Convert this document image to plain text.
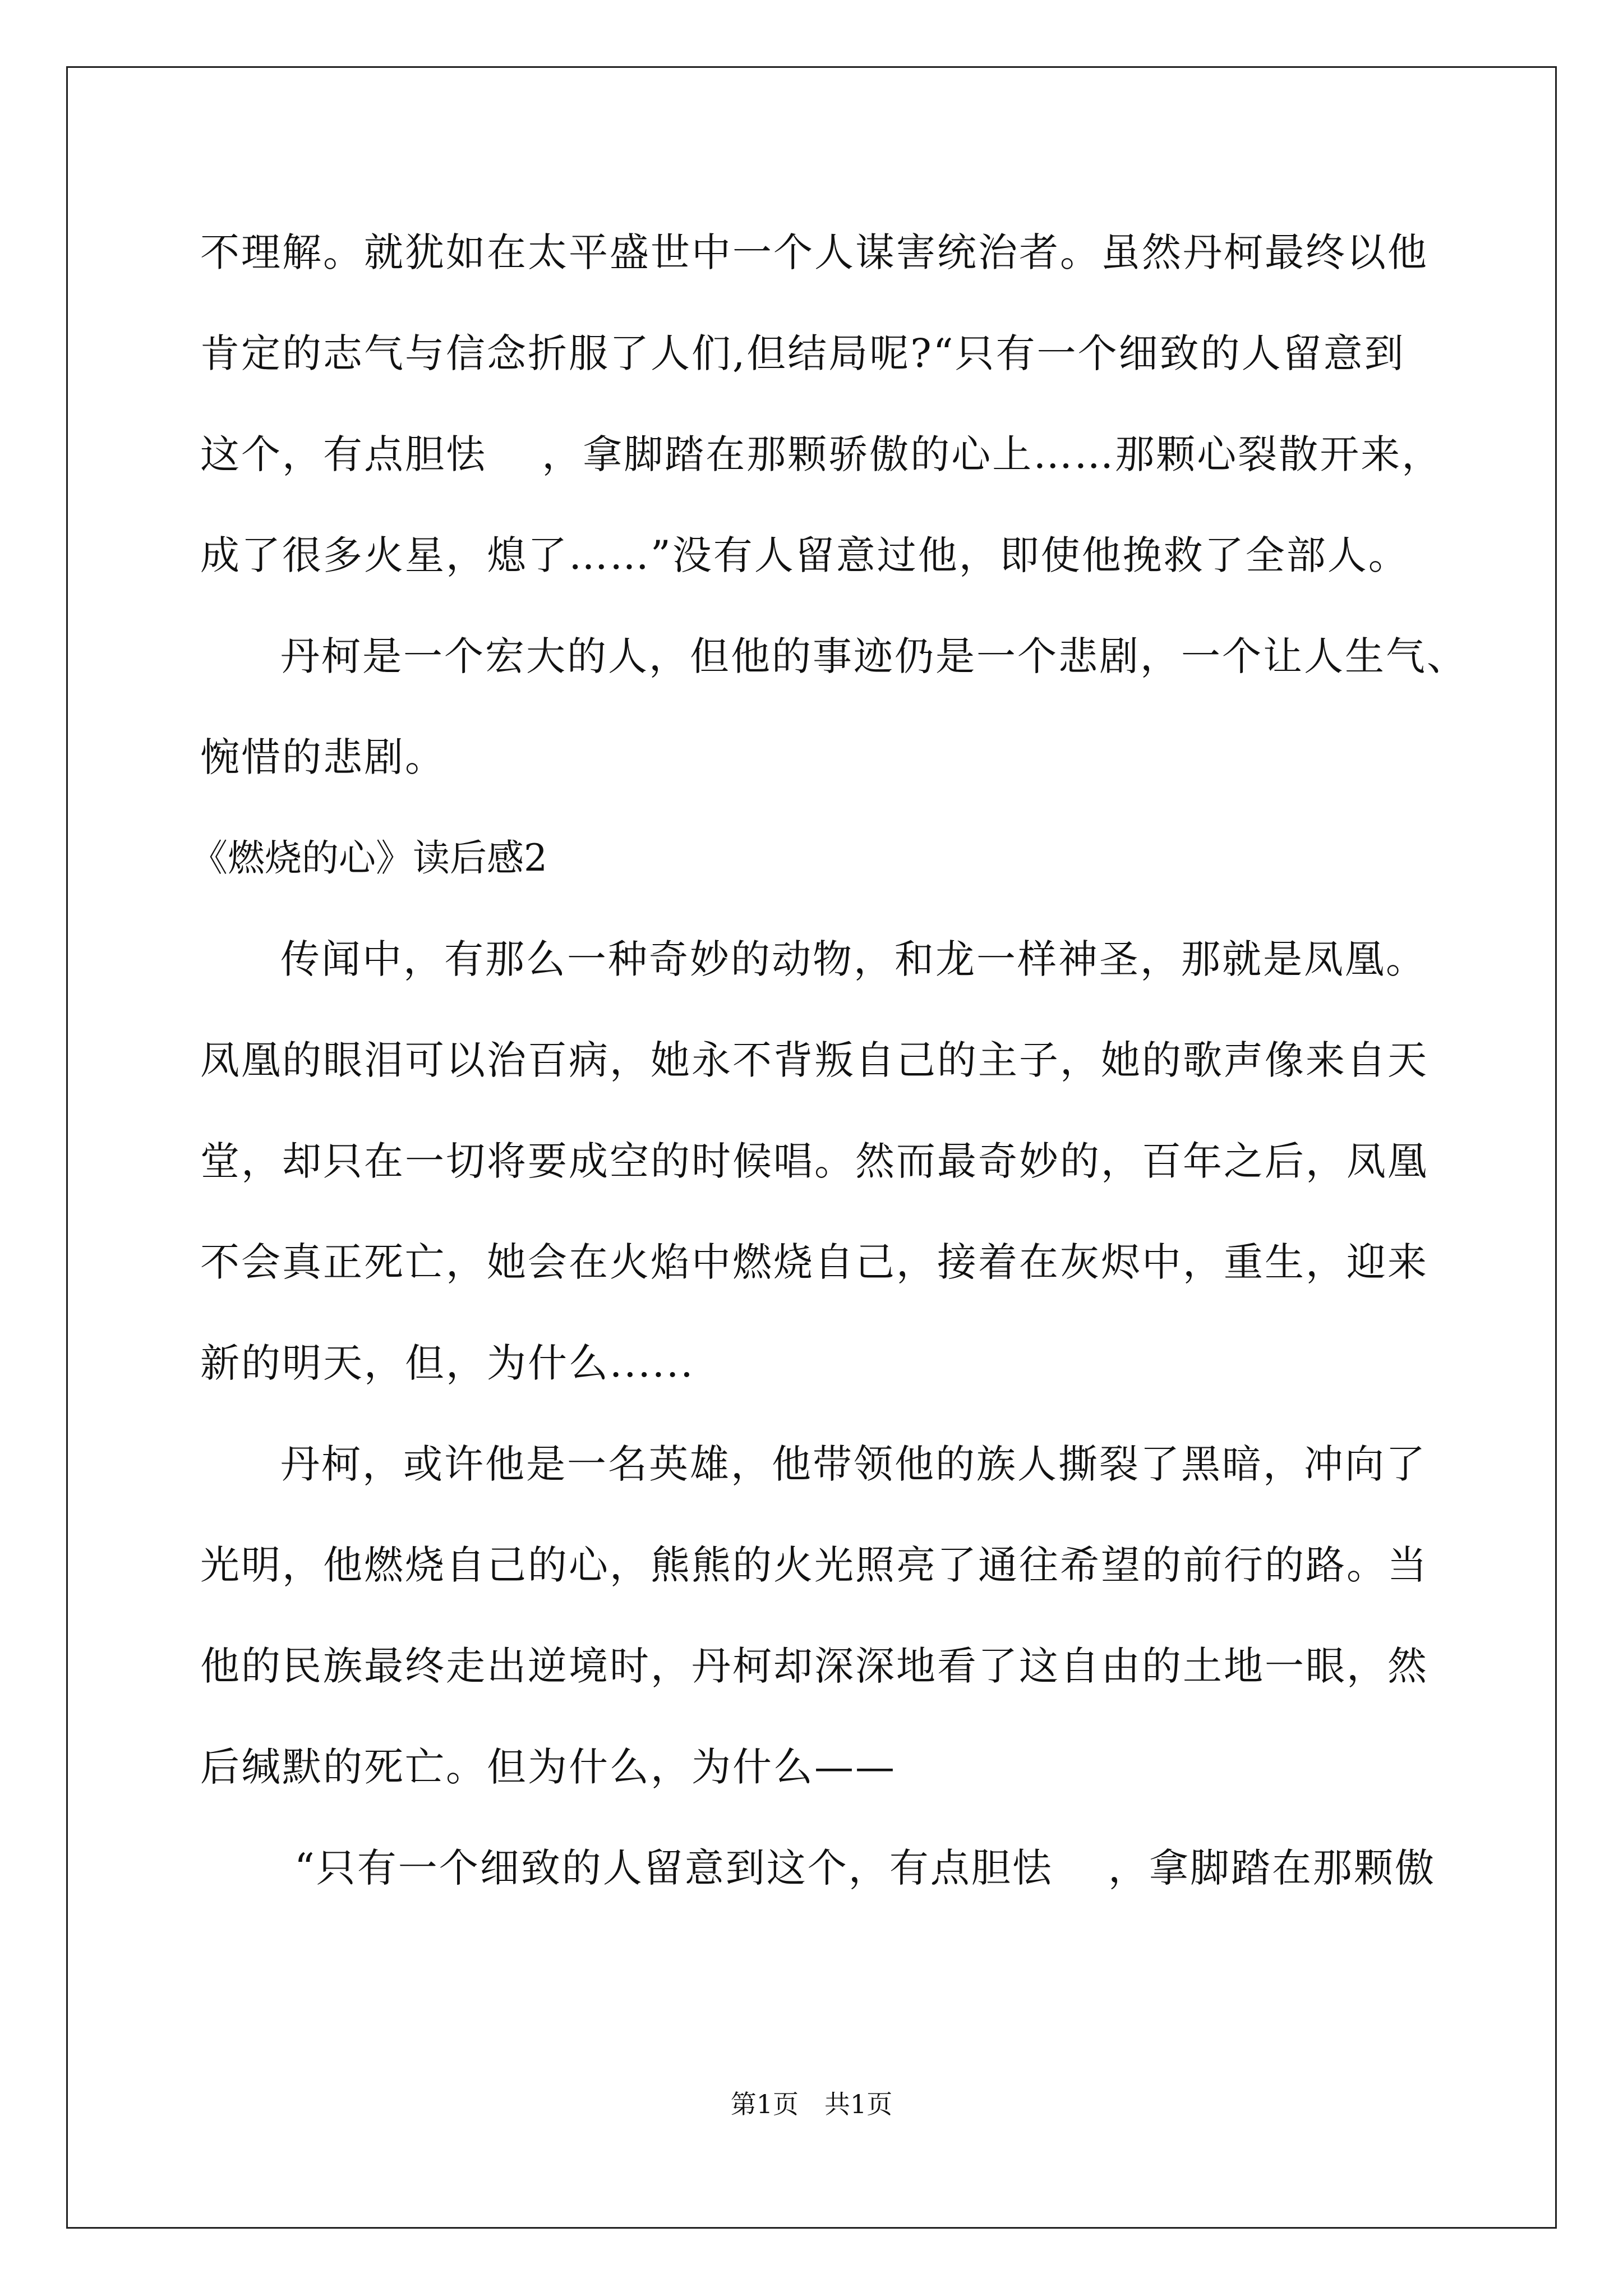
不理解。就犹如在太平盛世中一个人谋害统治者。虽然丹柯最终以他
肯定的志气与信念折服了人们,但结局呢?“只有一个细致的人留意到
这个，有点胆怯　 ，拿脚踏在那颗骄傲的心上……那颗心裂散开来，
成了很多火星，熄了……”没有人留意过他，即使他挽救了全部人。
丹柯是一个宏大的人，但他的事迹仍是一个悲剧，一个让人生气、
惋惜的悲剧。
《燃烧的心》读后感2
传闻中，有那么一种奇妙的动物，和龙一样神圣，那就是凤凰。
凤凰的眼泪可以治百病，她永不背叛自己的主子，她的歌声像来自天
堂，却只在一切将要成空的时候唱。然而最奇妙的，百年之后，凤凰
不会真正死亡，她会在火焰中燃烧自己，接着在灰烬中，重生，迎来
新的明天，但，为什么......
丹柯，或许他是一名英雄，他带领他的族人撕裂了黑暗，冲向了
光明，他燃烧自己的心，熊熊的火光照亮了通往希望的前行的路。当
他的民族最终走出逆境时，丹柯却深深地看了这自由的土地一眼，然
后缄默的死亡。但为什么，为什么——
“只有一个细致的人留意到这个，有点胆怯　 ，拿脚踏在那颗傲
第1页　共1页
